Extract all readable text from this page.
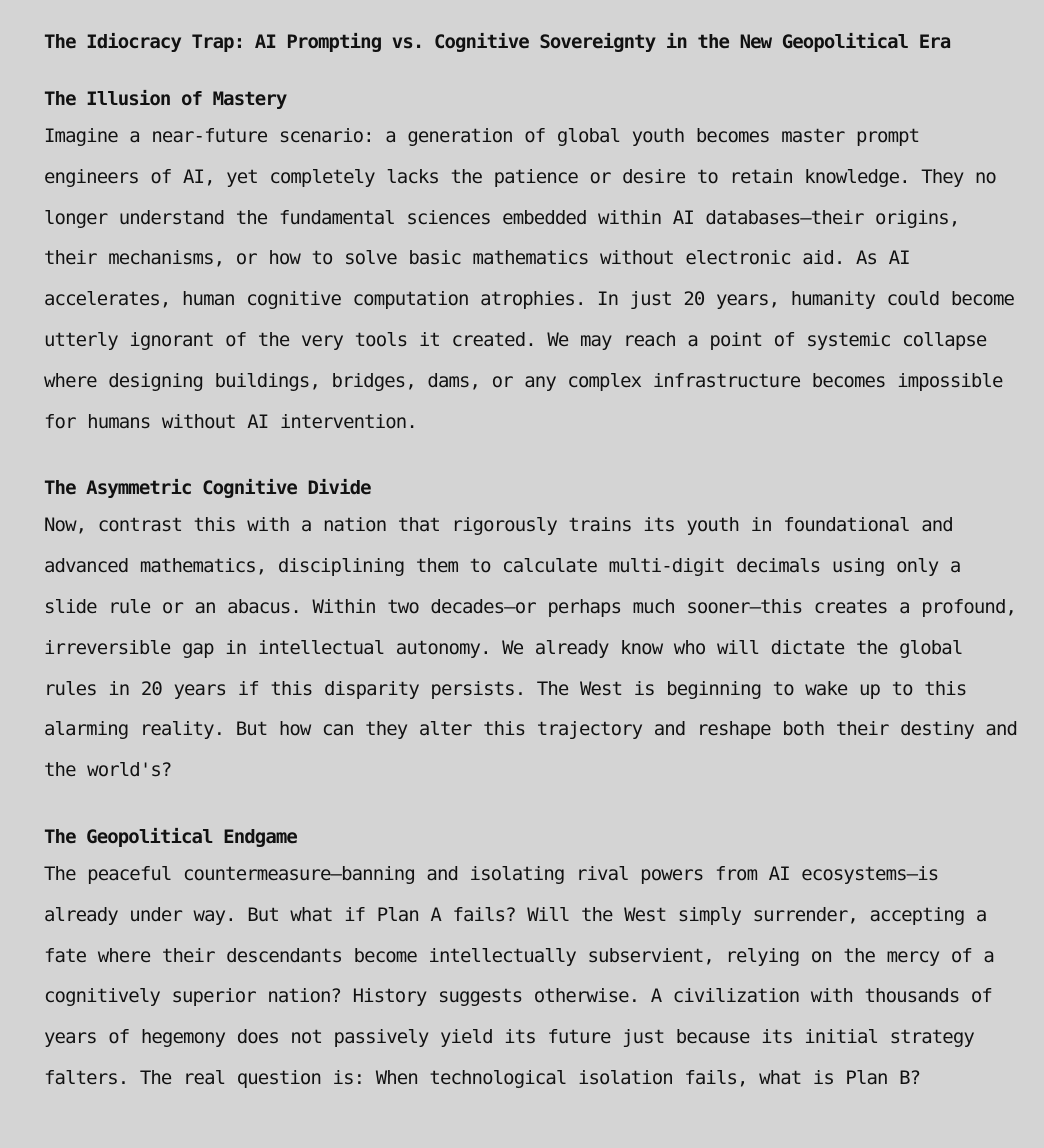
The Idiocracy Trap: AI Prompting vs. Cognitive Sovereignty in the New Geopolitical Era
The Illusion of Mastery

Imagine a near-future scenario: a generation of global youth becomes master prompt engineers of AI, yet completely lacks the patience or desire to retain knowledge. They no longer understand the fundamental sciences embedded within AI databases—their origins, their mechanisms, or how to solve basic mathematics without electronic aid. As AI accelerates, human cognitive computation atrophies. In just 20 years, humanity could become utterly ignorant of the very tools it created. We may reach a point of systemic collapse where designing buildings, bridges, dams, or any complex infrastructure becomes impossible for humans without AI intervention.

The Asymmetric Cognitive Divide

Now, contrast this with a nation that rigorously trains its youth in foundational and advanced mathematics, disciplining them to calculate multi-digit decimals using only a slide rule or an abacus. Within two decades—or perhaps much sooner—this creates a profound, irreversible gap in intellectual autonomy. We already know who will dictate the global rules in 20 years if this disparity persists. The West is beginning to wake up to this alarming reality. But how can they alter this trajectory and reshape both their destiny and the world's?

The Geopolitical Endgame

The peaceful countermeasure—banning and isolating rival powers from AI ecosystems—is already under way. But what if Plan A fails? Will the West simply surrender, accepting a fate where their descendants become intellectually subservient, relying on the mercy of a cognitively superior nation? History suggests otherwise. A civilization with thousands of years of hegemony does not passively yield its future just because its initial strategy falters. The real question is: When technological isolation fails, what is Plan B?
